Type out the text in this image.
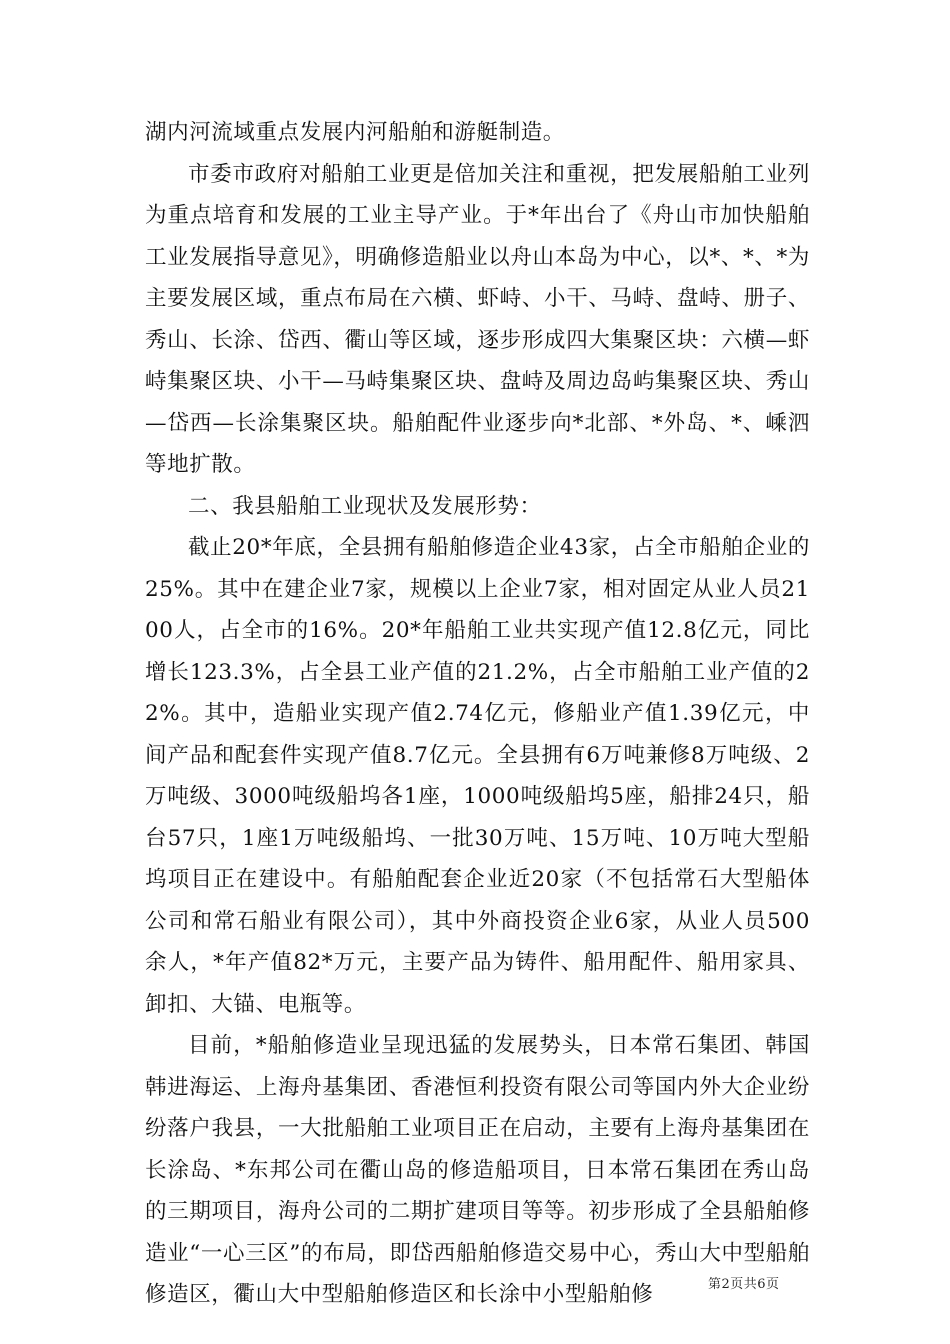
湖内河流域重点发展内河船舶和游艇制造。

市委市政府对船舶工业更是倍加关注和重视，把发展船舶工业列为重点培育和发展的工业主导产业。于*年出台了《舟山市加快船舶工业发展指导意见》，明确修造船业以舟山本岛为中心，以*、*、*为主要发展区域，重点布局在六横、虾峙、小干、马峙、盘峙、册子、秀山、长涂、岱西、衢山等区域，逐步形成四大集聚区块：六横—虾峙集聚区块、小干—马峙集聚区块、盘峙及周边岛屿集聚区块、秀山—岱西—长涂集聚区块。船舶配件业逐步向*北部、*外岛、*、嵊泗等地扩散。

二、我县船舶工业现状及发展形势：

截止20*年底，全县拥有船舶修造企业43家，占全市船舶企业的25%。其中在建企业7家，规模以上企业7家，相对固定从业人员2100人，占全市的16%。20*年船舶工业共实现产值12.8亿元，同比增长123.3%，占全县工业产值的21.2%，占全市船舶工业产值的22%。其中，造船业实现产值2.74亿元，修船业产值1.39亿元，中间产品和配套件实现产值8.7亿元。全县拥有6万吨兼修8万吨级、2万吨级、3000吨级船坞各1座，1000吨级船坞5座，船排24只，船台57只，1座1万吨级船坞、一批30万吨、15万吨、10万吨大型船坞项目正在建设中。有船舶配套企业近20家（不包括常石大型船体公司和常石船业有限公司），其中外商投资企业6家，从业人员500余人，*年产值82*万元，主要产品为铸件、船用配件、船用家具、卸扣、大锚、电瓶等。

目前，*船舶修造业呈现迅猛的发展势头，日本常石集团、韩国韩进海运、上海舟基集团、香港恒利投资有限公司等国内外大企业纷纷落户我县，一大批船舶工业项目正在启动，主要有上海舟基集团在长涂岛、*东邦公司在衢山岛的修造船项目，日本常石集团在秀山岛的三期项目，海舟公司的二期扩建项目等等。初步形成了全县船舶修造业“一心三区”的布局，即岱西船舶修造交易中心，秀山大中型船舶修造区，衢山大中型船舶修造区和长涂中小型船舶修	第2页共6页
